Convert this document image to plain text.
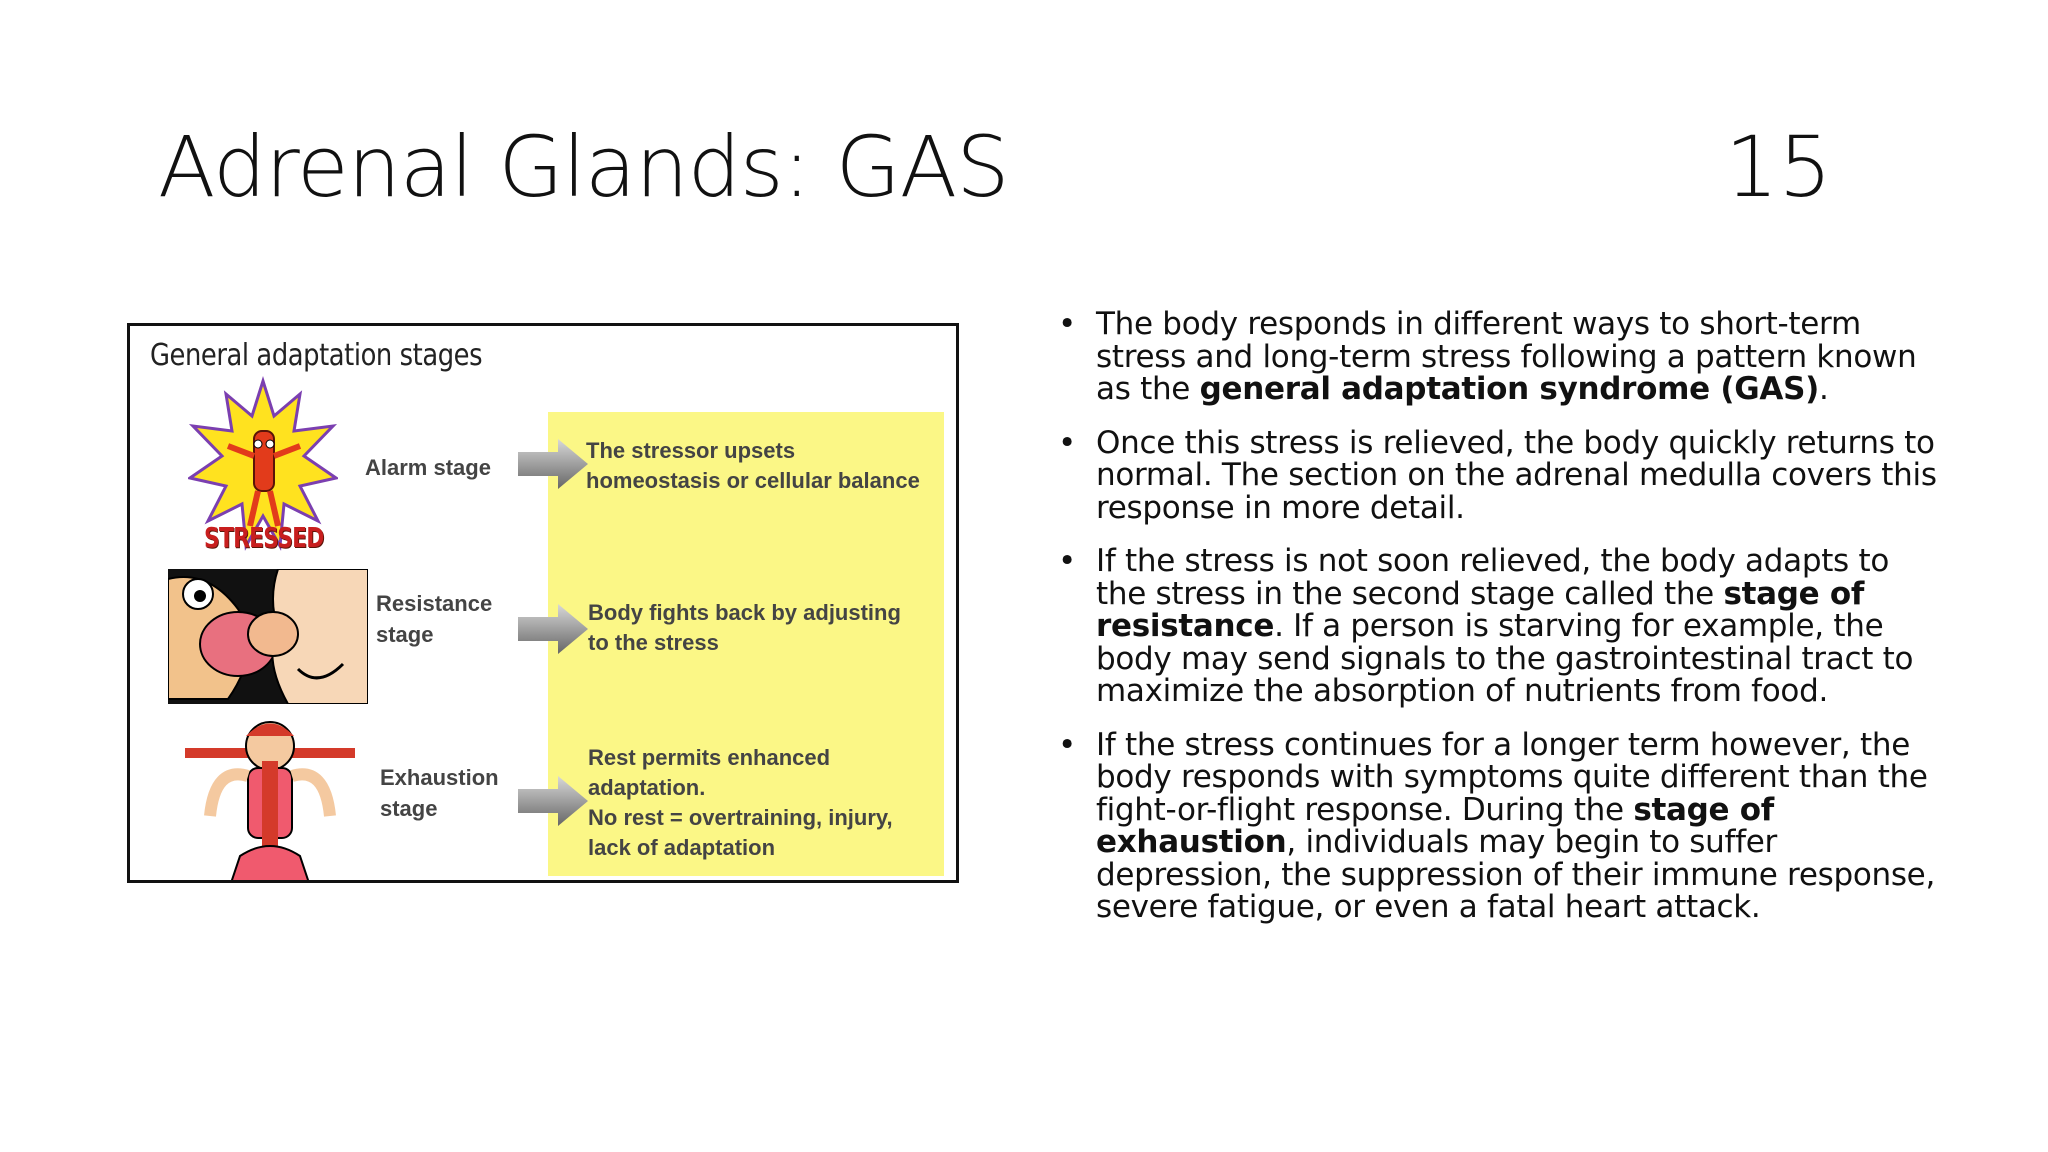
Adrenal Glands: GAS	15
General adaptation stages
STRESSED
Alarm stage
Resistance
stage
Exhaustion
stage
The stressor upsets
homeostasis or cellular balance
Body fights back by adjusting
to the stress
Rest permits enhanced
adaptation.
No rest = overtraining, injury,
lack of adaptation
• The body responds in different ways to short-term stress and long-term stress following a pattern known as the general adaptation syndrome (GAS).
• Once this stress is relieved, the body quickly returns to normal. The section on the adrenal medulla covers this response in more detail.
• If the stress is not soon relieved, the body adapts to the stress in the second stage called the stage of resistance. If a person is starving for example, the body may send signals to the gastrointestinal tract to maximize the absorption of nutrients from food.
• If the stress continues for a longer term however, the body responds with symptoms quite different than the fight-or-flight response. During the stage of exhaustion, individuals may begin to suffer depression, the suppression of their immune response, severe fatigue, or even a fatal heart attack.
